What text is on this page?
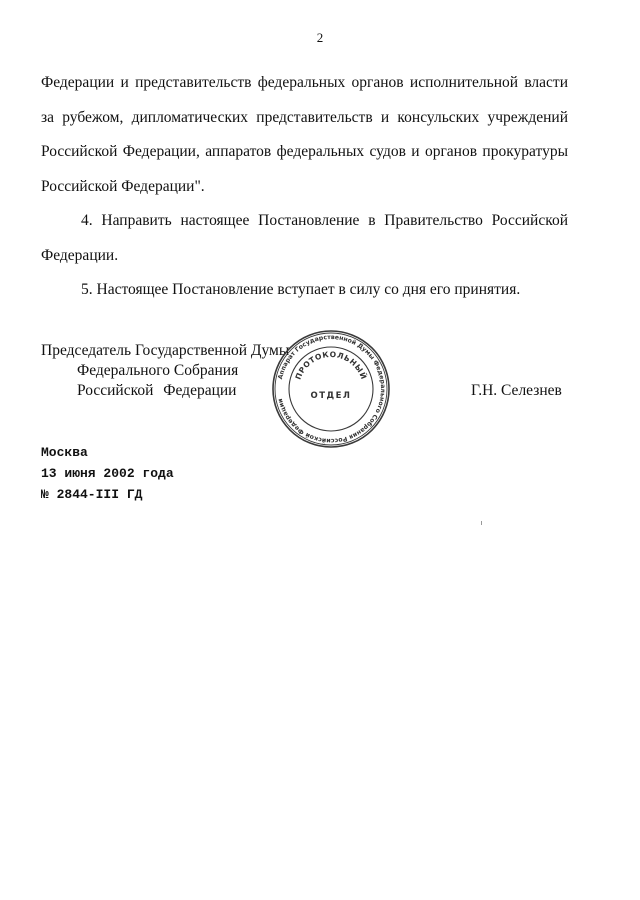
2

Федерации и представительств федеральных органов исполнительной власти за рубежом, дипломатических представительств и консульских учреждений Российской Федерации, аппаратов федеральных судов и органов прокуратуры Российской Федерации".

4. Направить настоящее Постановление в Правительство Российской Федерации.

5. Настоящее Постановление вступает в силу со дня его принятия.

Председатель Государственной Думы
Федерального Собрания
Российской Федерации	Г.Н. Селезнев
Аппарат Государственной Думы Федерального Собрания Российской Федерации
ПРОТОКОЛЬНЫЙ
ОТДЕЛ
Москва
13 июня 2002 года
№ 2844-III ГД
